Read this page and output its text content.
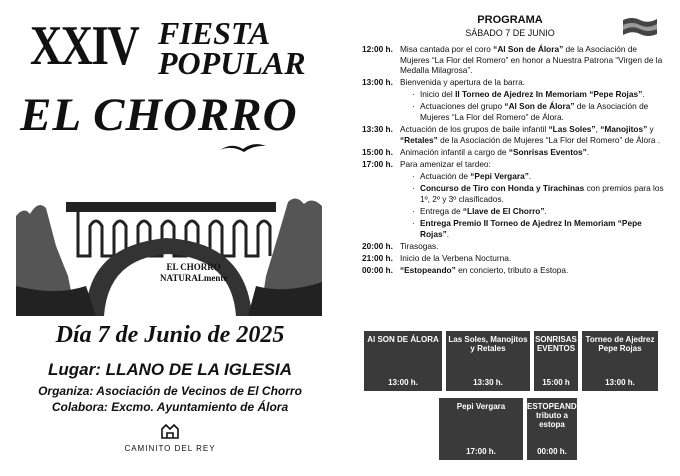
XXIV FIESTA
POPULAR
EL CHORRO
EL CHORRO
NATURALmente
Día 7 de Junio de 2025
Lugar: LLANO DE LA IGLESIA
Organiza: Asociación de Vecinos de El Chorro
Colabora: Excmo. Ayuntamiento de Álora
CAMINITO DEL REY
PROGRAMA
SÁBADO 7 DE JUNIO
12:00 h. Misa cantada por el coro “Al Son de Álora” de la Asociación de Mujeres “La Flor del Romero” en honor a Nuestra Patrona “Virgen de la Medalla Milagrosa”.
13:00 h. Bienvenida y apertura de la barra.
· Inicio del II Torneo de Ajedrez In Memoriam “Pepe Rojas”.
· Actuaciones del grupo “Al Son de Álora” de la Asociación de Mujeres “La Flor del Romero” de Álora.
13:30 h. Actuación de los grupos de baile infantil “Las Soles”, “Manojitos” y “Retales” de la Asociación de Mujeres “La Flor del Romero” de Álora .
15:00 h. Animación infantil a cargo de “Sonrisas Eventos”.
17:00 h. Para amenizar el tardeo:
· Actuación de “Pepi Vergara”.
· Concurso de Tiro con Honda y Tirachinas con premios para los 1º, 2º y 3º clasificados.
· Entrega de “Llave de El Chorro”.
· Entrega Premio II Torneo de Ajedrez In Memoriam “Pepe Rojas”.
20:00 h. Tirasogas.
21:00 h. Inicio de la Verbena Nocturna.
00:00 h. “Estopeando” en concierto, tributo a Estopa.
Al SON DE ÁLORA
13:00 h.
Las Soles, Manojitos y Retales
13:30 h.
SONRISAS EVENTOS
15:00 h
Torneo de Ajedrez Pepe Rojas
13:00 h.
Pepi Vergara
17:00 h.
ESTOPEANDO tributo a estopa
00:00 h.
